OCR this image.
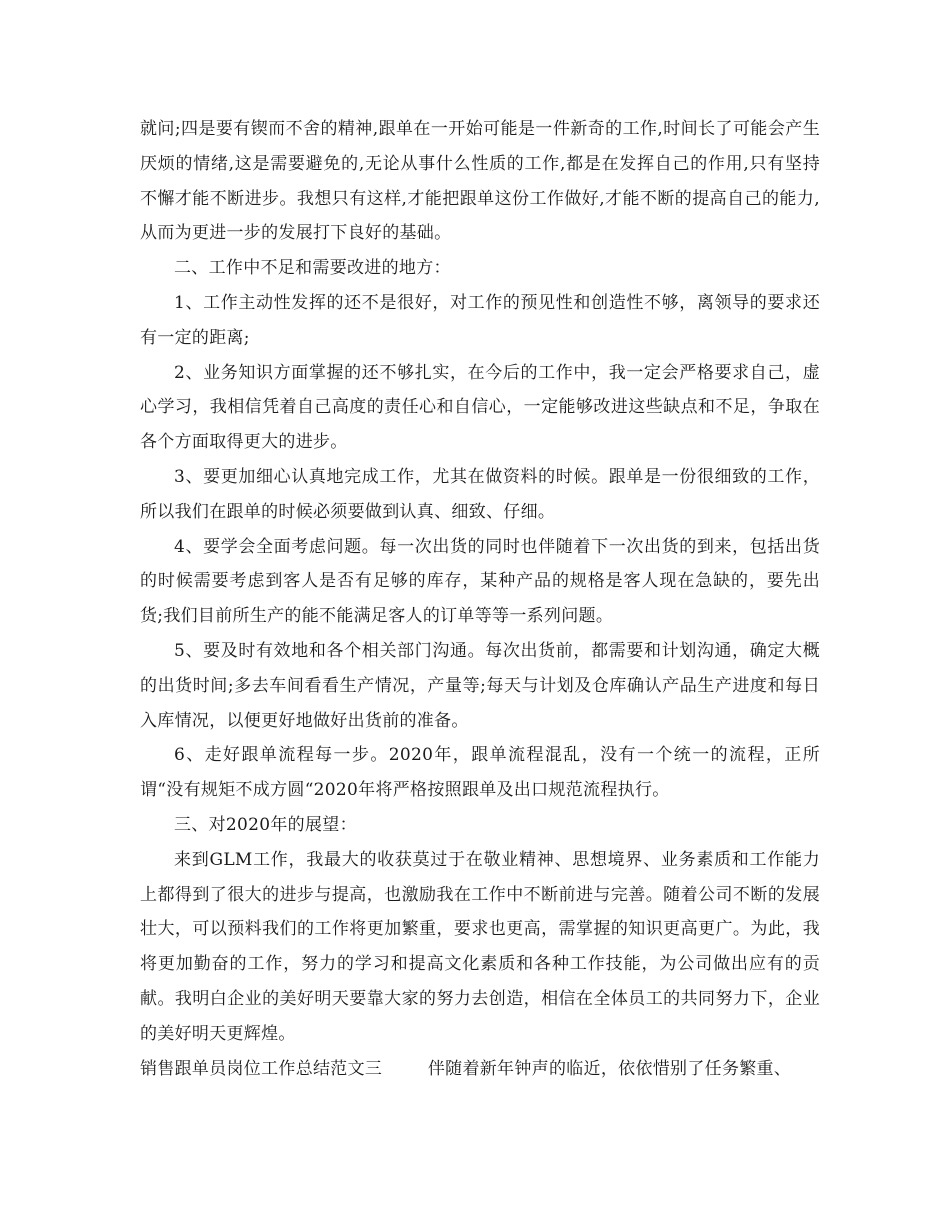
就问;四是要有锲而不舍的精神,跟单在一开始可能是一件新奇的工作,时间长了可能会产生厌烦的情绪,这是需要避免的,无论从事什么性质的工作,都是在发挥自己的作用,只有坚持不懈才能不断进步。我想只有这样,才能把跟单这份工作做好,才能不断的提高自己的能力,从而为更进一步的发展打下良好的基础。

二、工作中不足和需要改进的地方：

1、工作主动性发挥的还不是很好，对工作的预见性和创造性不够，离领导的要求还有一定的距离;

2、业务知识方面掌握的还不够扎实，在今后的工作中，我一定会严格要求自己，虚心学习，我相信凭着自己高度的责任心和自信心，一定能够改进这些缺点和不足，争取在各个方面取得更大的进步。

3、要更加细心认真地完成工作，尤其在做资料的时候。跟单是一份很细致的工作，所以我们在跟单的时候必须要做到认真、细致、仔细。

4、要学会全面考虑问题。每一次出货的同时也伴随着下一次出货的到来，包括出货的时候需要考虑到客人是否有足够的库存，某种产品的规格是客人现在急缺的，要先出货;我们目前所生产的能不能满足客人的订单等等一系列问题。

5、要及时有效地和各个相关部门沟通。每次出货前，都需要和计划沟通，确定大概的出货时间;多去车间看看生产情况，产量等;每天与计划及仓库确认产品生产进度和每日入库情况，以便更好地做好出货前的准备。

6、走好跟单流程每一步。2020年，跟单流程混乱，没有一个统一的流程，正所谓“没有规矩不成方圆“2020年将严格按照跟单及出口规范流程执行。

三、对2020年的展望：

来到GLM工作，我最大的收获莫过于在敬业精神、思想境界、业务素质和工作能力上都得到了很大的进步与提高，也激励我在工作中不断前进与完善。随着公司不断的发展壮大，可以预料我们的工作将更加繁重，要求也更高，需掌握的知识更高更广。为此，我将更加勤奋的工作，努力的学习和提高文化素质和各种工作技能，为公司做出应有的贡献。我明白企业的美好明天要靠大家的努力去创造，相信在全体员工的共同努力下，企业的美好明天更辉煌。

销售跟单员岗位工作总结范文三	伴随着新年钟声的临近，依依惜别了任务繁重、
